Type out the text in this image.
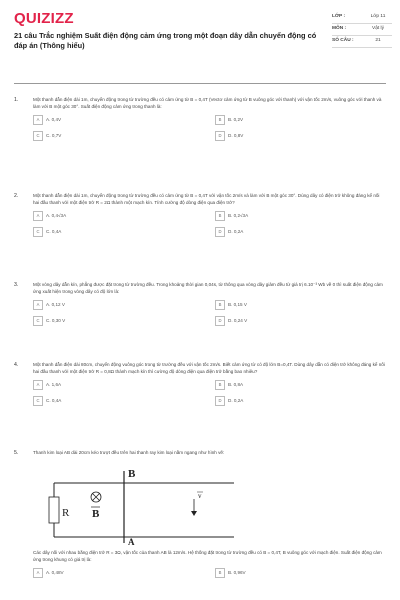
QUIZIZZ
21 câu Trắc nghiệm Suất điện động cảm ứng trong một đoạn dây dẫn chuyển động có đáp án (Thông hiểu)
LỚP :	Lớp 11
MÔN :	Vật lý
SỐ CÂU :	21
1.	Một thanh dẫn điện dài 1m, chuyển động trong từ trường đều có cảm ứng từ B = 0,4T (Vectơ cảm ứng từ B vuông góc với thanh) với vận tốc 2m/s, vuông góc với thanh và làm với B một góc 30°. Suất điện động cảm ứng trong thanh là:
A	A. 0,4V	B	B. 0,2V
C	C. 0,7V	D	D. 0,8V
2.	Một thanh dẫn điện dài 1m, chuyển động trong từ trường đều có cảm ứng từ B = 0,4T với vận tốc 2m/s và làm với B một góc 30°. Dùng dây có điện trở không đáng kể nối hai đầu thanh với một điện trở R = 2Ω thành một mạch kín. Tính cường độ dòng điện qua điện trở?
A	A. 0,4√3A	B	B. 0,2√3A
C	C. 0,4A	D	D. 0,2A
3.	Một vòng dây dẫn kín, phẳng được đặt trong từ trường đều. Trong khoảng thời gian 0,04s, từ thông qua vòng dây giảm đều từ giá trị 6.10⁻³ Wb về 0 thì suất điện động cảm ứng xuất hiện trong vòng dây có độ lớn là:
A	A. 0,12 V	B	B. 0,15 V
C	C. 0,30 V	D	D. 0,24 V
4.	Một thanh dẫn điện dài 80cm, chuyển động vuông góc trong từ trường đều với vận tốc 2m/s. Biết cảm ứng từ có độ lớn B=0,4T. Dùng dây dẫn có điện trở không đáng kể nối hai đầu thanh với một điện trở R = 0,8Ω thành mạch kín thì cường độ dòng điện qua điện trở bằng bao nhiêu?
A	A. 1,6A	B	B. 0,8A
C	C. 0,4A	D	D. 0,2A
5.	Thanh kim loại AB dài 20cm kéo trượt đều trên hai thanh ray kim loại nằm ngang như hình vẽ:
R
B
A
B
v
Các dây nối với nhau bằng điện trở R = 3Ω, vận tốc của thanh AB là 12m/s. Hệ thống đặt trong từ trường đều có B = 0,4T, B vuông góc với mạch điện. Suất điện động cảm ứng trong khung có giá trị là:
A	A. 0,48V	B	B. 0,96V
